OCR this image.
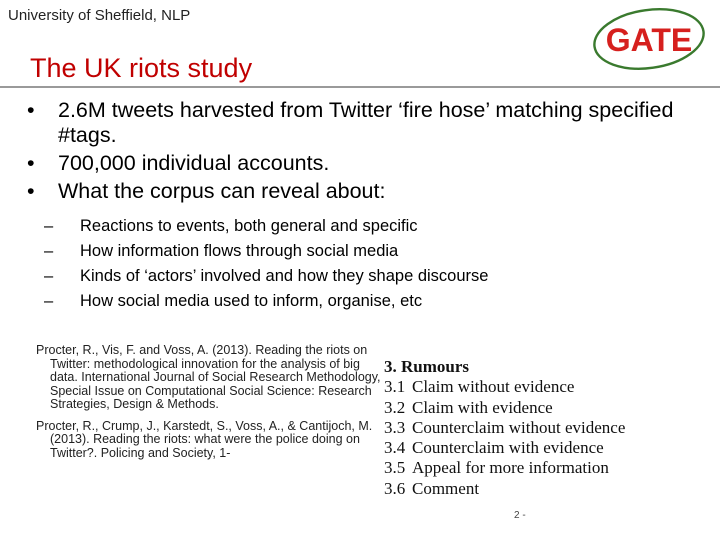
University of Sheffield, NLP
GATE
The UK riots study
• 2.6M tweets harvested from Twitter ‘fire hose’ matching specified #tags.
• 700,000 individual accounts.
• What the corpus can reveal about:
– Reactions to events, both general and specific
– How information flows through social media
– Kinds of ‘actors’ involved and how they shape discourse
– How social media used to inform, organise, etc
Procter, R., Vis, F. and Voss, A. (2013). Reading the riots on Twitter: methodological innovation for the analysis of big data. International Journal of Social Research Methodology, Special Issue on Computational Social Science: Research Strategies, Design & Methods.
Procter, R., Crump, J., Karstedt, S., Voss, A., & Cantijoch, M. (2013). Reading the riots: what were the police doing on Twitter?. Policing and Society, 1-
3. Rumours
3.1 Claim without evidence
3.2 Claim with evidence
3.3 Counterclaim without evidence
3.4 Counterclaim with evidence
3.5 Appeal for more information
3.6 Comment
2 -
